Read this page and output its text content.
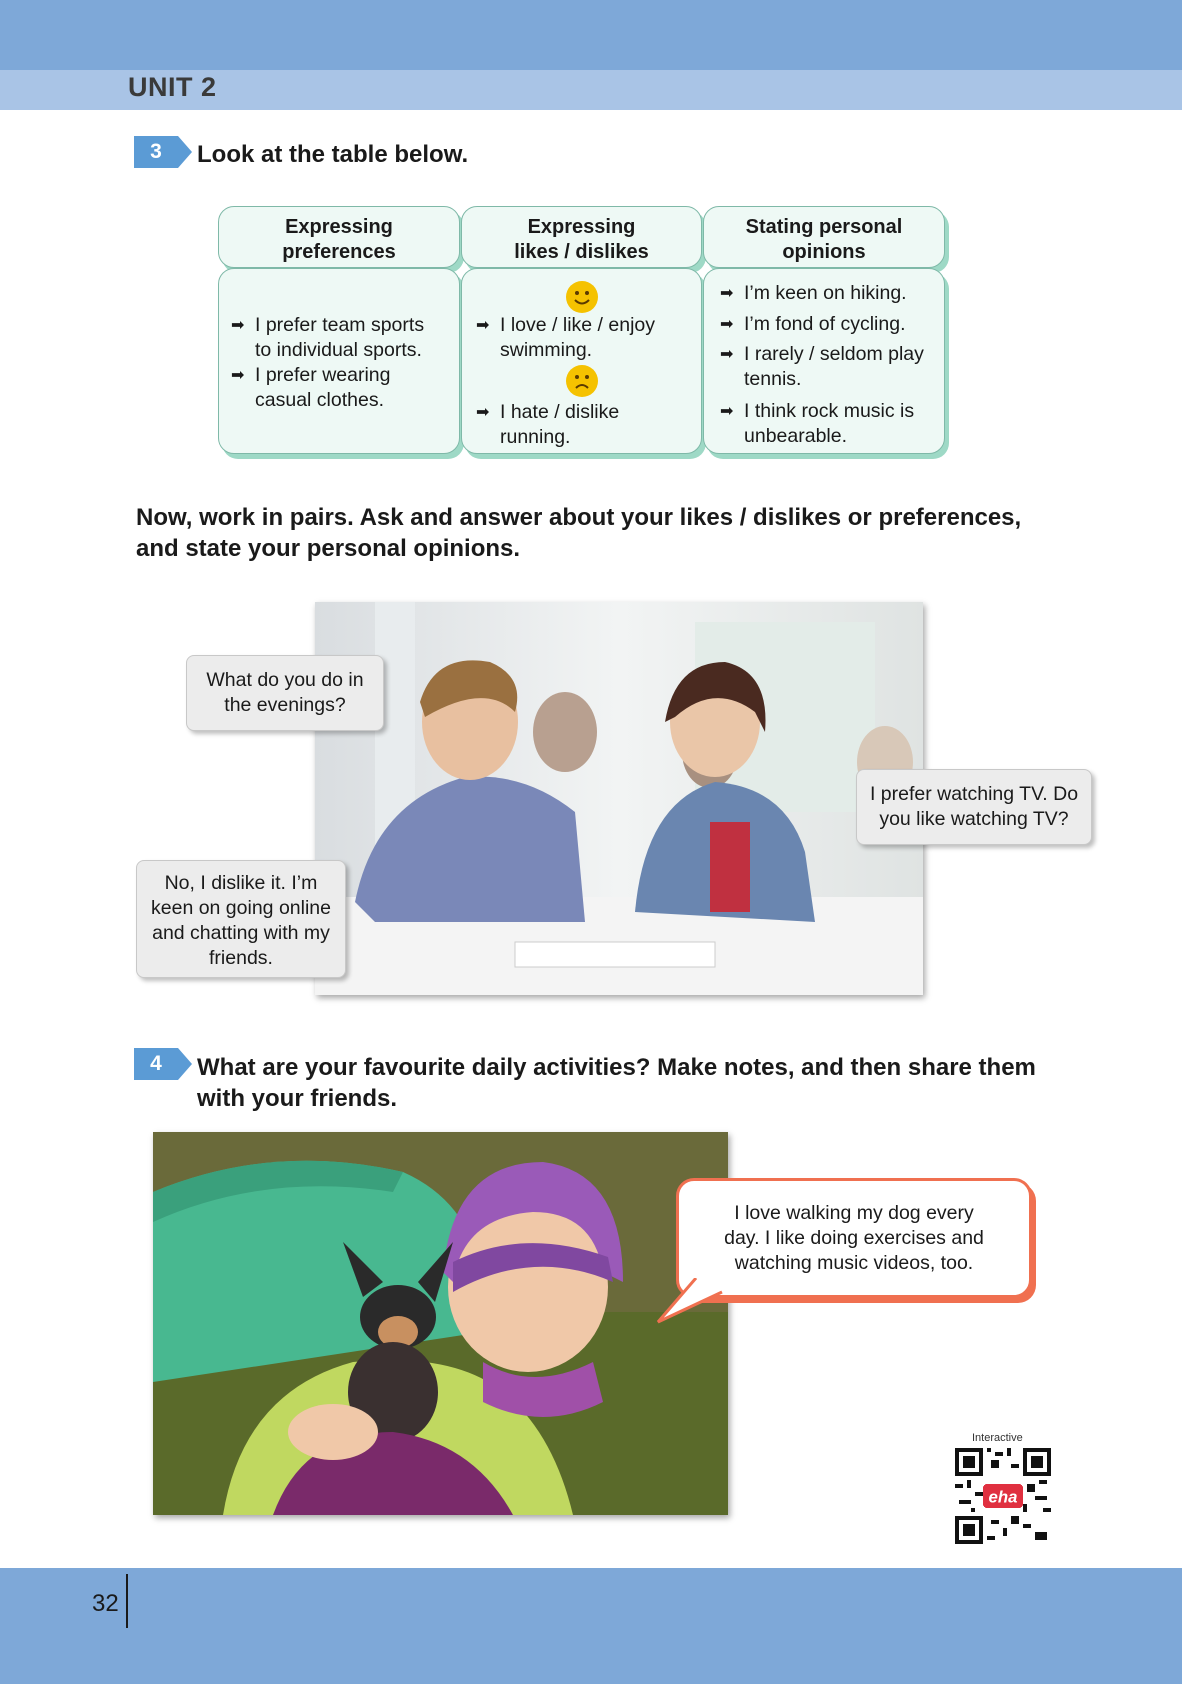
UNIT 2
3	Look at the table below.
Expressing
preferences
Expressing
likes / dislikes
Stating personal
opinions
➡ I prefer team sports
to individual sports.
➡ I prefer wearing
casual clothes.
➡ I love / like / enjoy
swimming.
➡ I hate / dislike
running.
➡ I’m keen on hiking.
➡ I’m fond of cycling.
➡ I rarely / seldom play
tennis.
➡ I think rock music is
unbearable.
Now, work in pairs. Ask and answer about your likes / dislikes or preferences,
and state your personal opinions.
What do you do in
the evenings?
I prefer watching TV. Do
you like watching TV?
No, I dislike it. I’m
keen on going online
and chatting with my
friends.
4	What are your favourite daily activities? Make notes, and then share them
with your friends.
I love walking my dog every
day. I like doing exercises and
watching music videos, too.
Interactive
eha
32
